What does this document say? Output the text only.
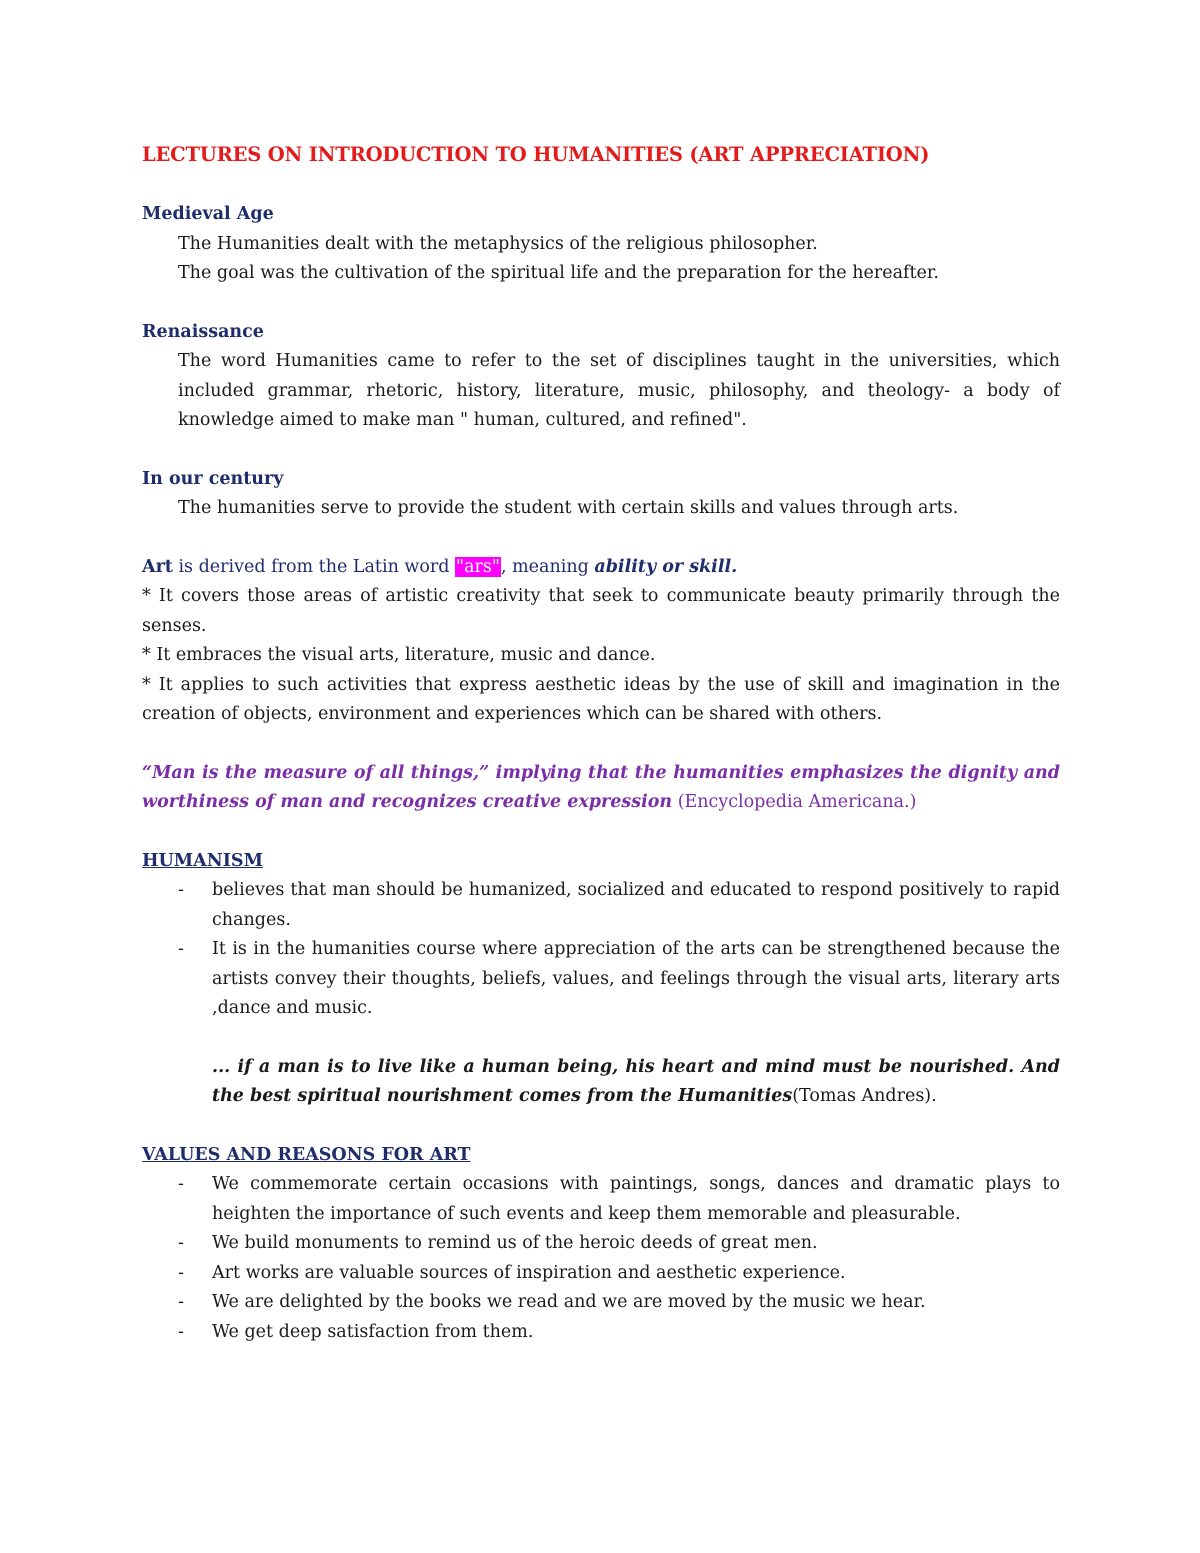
LECTURES ON INTRODUCTION TO HUMANITIES (ART APPRECIATION)

Medieval Age

The Humanities dealt with the metaphysics of the religious philosopher.

The goal was the cultivation of the spiritual life and the preparation for the hereafter.

Renaissance

The word Humanities came to refer to the set of disciplines taught in the universities, which included grammar, rhetoric, history, literature, music, philosophy, and theology- a body of knowledge aimed to make man " human, cultured, and refined".

In our century

The humanities serve to provide the student with certain skills and values through arts.

Art is derived from the Latin word "ars", meaning ability or skill.

* It covers those areas of artistic creativity that seek to communicate beauty primarily through the senses.

* It embraces the visual arts, literature, music and dance.

* It applies to such activities that express aesthetic ideas by the use of skill and imagination in the creation of objects, environment and experiences which can be shared with others.

“Man is the measure of all things,” implying that the humanities emphasizes the dignity and worthiness of man and recognizes creative expression (Encyclopedia Americana.)

HUMANISM

- believes that man should be humanized, socialized and educated to respond positively to rapid changes.
- It is in the humanities course where appreciation of the arts can be strengthened because the artists convey their thoughts, beliefs, values, and feelings through the visual arts, literary arts ,dance and music.

... if a man is to live like a human being, his heart and mind must be nourished. And the best spiritual nourishment comes from the Humanities(Tomas Andres).

VALUES AND REASONS FOR ART

- We commemorate certain occasions with paintings, songs, dances and dramatic plays to heighten the importance of such events and keep them memorable and pleasurable.
- We build monuments to remind us of the heroic deeds of great men.
- Art works are valuable sources of inspiration and aesthetic experience.
- We are delighted by the books we read and we are moved by the music we hear.
- We get deep satisfaction from them.
